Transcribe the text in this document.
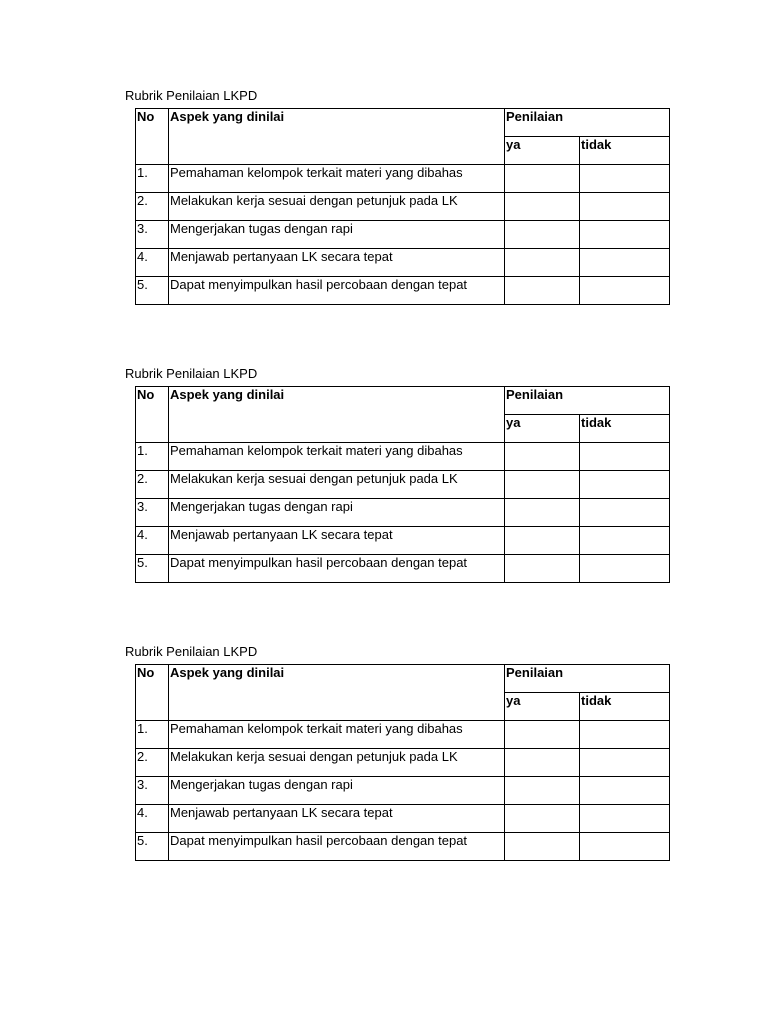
Rubrik Penilaian LKPD
No	Aspek yang dinilai	Penilaian	
		ya	tidak
1.	Pemahaman kelompok terkait materi yang dibahas		
2.	Melakukan kerja sesuai dengan petunjuk pada LK		
3.	Mengerjakan tugas dengan rapi		
4.	Menjawab pertanyaan LK secara tepat		
5.	Dapat menyimpulkan hasil percobaan dengan tepat		
Rubrik Penilaian LKPD
No	Aspek yang dinilai	Penilaian	
		ya	tidak
1.	Pemahaman kelompok terkait materi yang dibahas		
2.	Melakukan kerja sesuai dengan petunjuk pada LK		
3.	Mengerjakan tugas dengan rapi		
4.	Menjawab pertanyaan LK secara tepat		
5.	Dapat menyimpulkan hasil percobaan dengan tepat		
Rubrik Penilaian LKPD
No	Aspek yang dinilai	Penilaian	
		ya	tidak
1.	Pemahaman kelompok terkait materi yang dibahas		
2.	Melakukan kerja sesuai dengan petunjuk pada LK		
3.	Mengerjakan tugas dengan rapi		
4.	Menjawab pertanyaan LK secara tepat		
5.	Dapat menyimpulkan hasil percobaan dengan tepat		
